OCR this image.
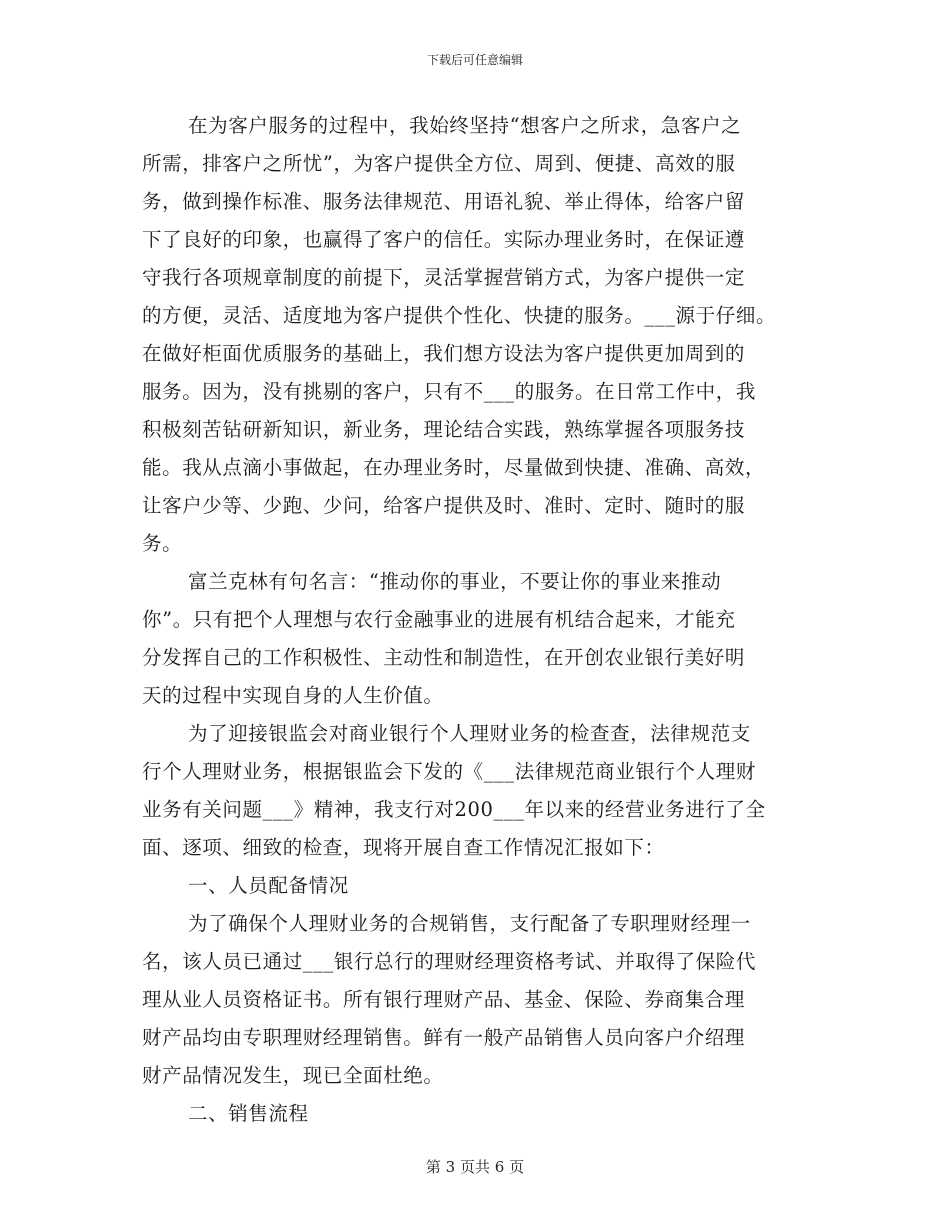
下载后可任意编辑
在为客户服务的过程中，我始终坚持“想客户之所求，急客户之
所需，排客户之所忧”，为客户提供全方位、周到、便捷、高效的服
务，做到操作标准、服务法律规范、用语礼貌、举止得体，给客户留
下了良好的印象，也赢得了客户的信任。实际办理业务时，在保证遵
守我行各项规章制度的前提下，灵活掌握营销方式，为客户提供一定
的方便，灵活、适度地为客户提供个性化、快捷的服务。___源于仔细。
在做好柜面优质服务的基础上，我们想方设法为客户提供更加周到的
服务。因为，没有挑剔的客户，只有不___的服务。在日常工作中，我
积极刻苦钻研新知识，新业务，理论结合实践，熟练掌握各项服务技
能。我从点滴小事做起，在办理业务时，尽量做到快捷、准确、高效，
让客户少等、少跑、少问，给客户提供及时、准时、定时、随时的服
务。
富兰克林有句名言：“推动你的事业，不要让你的事业来推动
你”。只有把个人理想与农行金融事业的进展有机结合起来，才能充
分发挥自己的工作积极性、主动性和制造性，在开创农业银行美好明
天的过程中实现自身的人生价值。
为了迎接银监会对商业银行个人理财业务的检查查，法律规范支
行个人理财业务，根据银监会下发的《___法律规范商业银行个人理财
业务有关问题___》精神，我支行对200___年以来的经营业务进行了全
面、逐项、细致的检查，现将开展自查工作情况汇报如下：
一、人员配备情况
为了确保个人理财业务的合规销售，支行配备了专职理财经理一
名，该人员已通过___银行总行的理财经理资格考试、并取得了保险代
理从业人员资格证书。所有银行理财产品、基金、保险、券商集合理
财产品均由专职理财经理销售。鲜有一般产品销售人员向客户介绍理
财产品情况发生，现已全面杜绝。
二、销售流程
第 3 页共 6 页
